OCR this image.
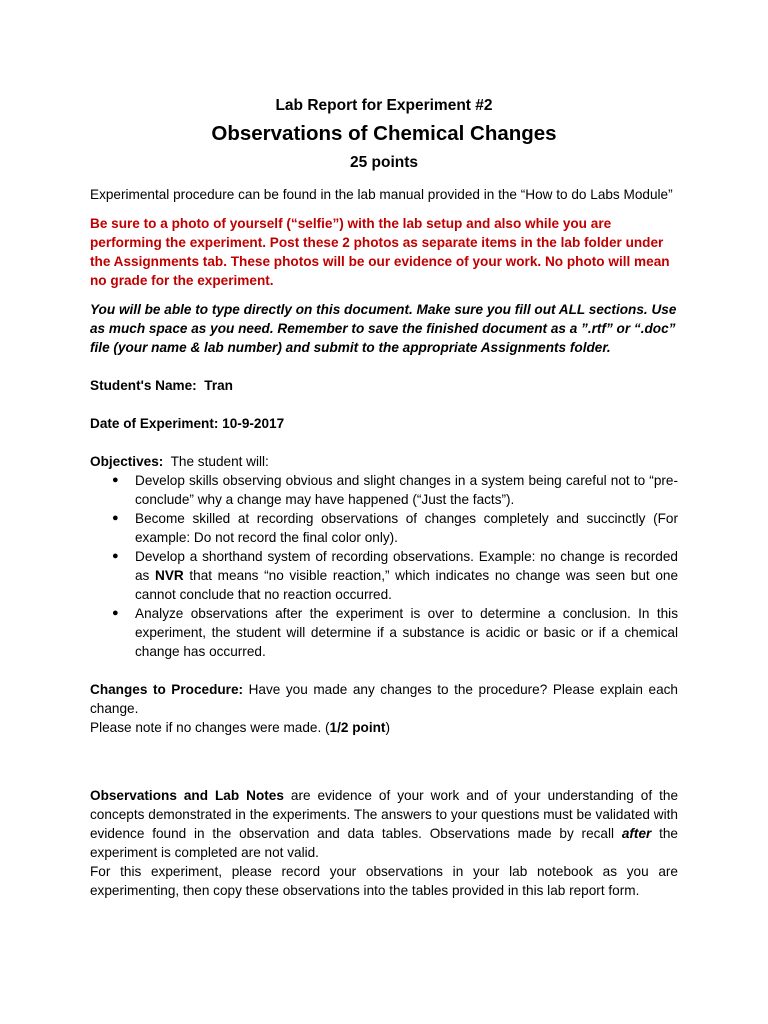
Lab Report for Experiment #2
Observations of Chemical Changes
25 points

Experimental procedure can be found in the lab manual provided in the “How to do Labs Module”

Be sure to a photo of yourself (“selfie”) with the lab setup and also while you are performing the experiment. Post these 2 photos as separate items in the lab folder under the Assignments tab. These photos will be our evidence of your work. No photo will mean no grade for the experiment.

You will be able to type directly on this document. Make sure you fill out ALL sections. Use as much space as you need. Remember to save the finished document as a ”.rtf” or “.doc” file (your name & lab number) and submit to the appropriate Assignments folder.

Student's Name: Tran

Date of Experiment: 10-9-2017

Objectives: The student will:

● Develop skills observing obvious and slight changes in a system being careful not to “pre-conclude” why a change may have happened (“Just the facts”).
● Become skilled at recording observations of changes completely and succinctly (For example: Do not record the final color only).
● Develop a shorthand system of recording observations. Example: no change is recorded as NVR that means “no visible reaction,” which indicates no change was seen but one cannot conclude that no reaction occurred.
● Analyze observations after the experiment is over to determine a conclusion. In this experiment, the student will determine if a substance is acidic or basic or if a chemical change has occurred.

Changes to Procedure: Have you made any changes to the procedure? Please explain each change.

Please note if no changes were made. (1/2 point)

Observations and Lab Notes are evidence of your work and of your understanding of the concepts demonstrated in the experiments. The answers to your questions must be validated with evidence found in the observation and data tables. Observations made by recall after the experiment is completed are not valid.

For this experiment, please record your observations in your lab notebook as you are experimenting, then copy these observations into the tables provided in this lab report form.
